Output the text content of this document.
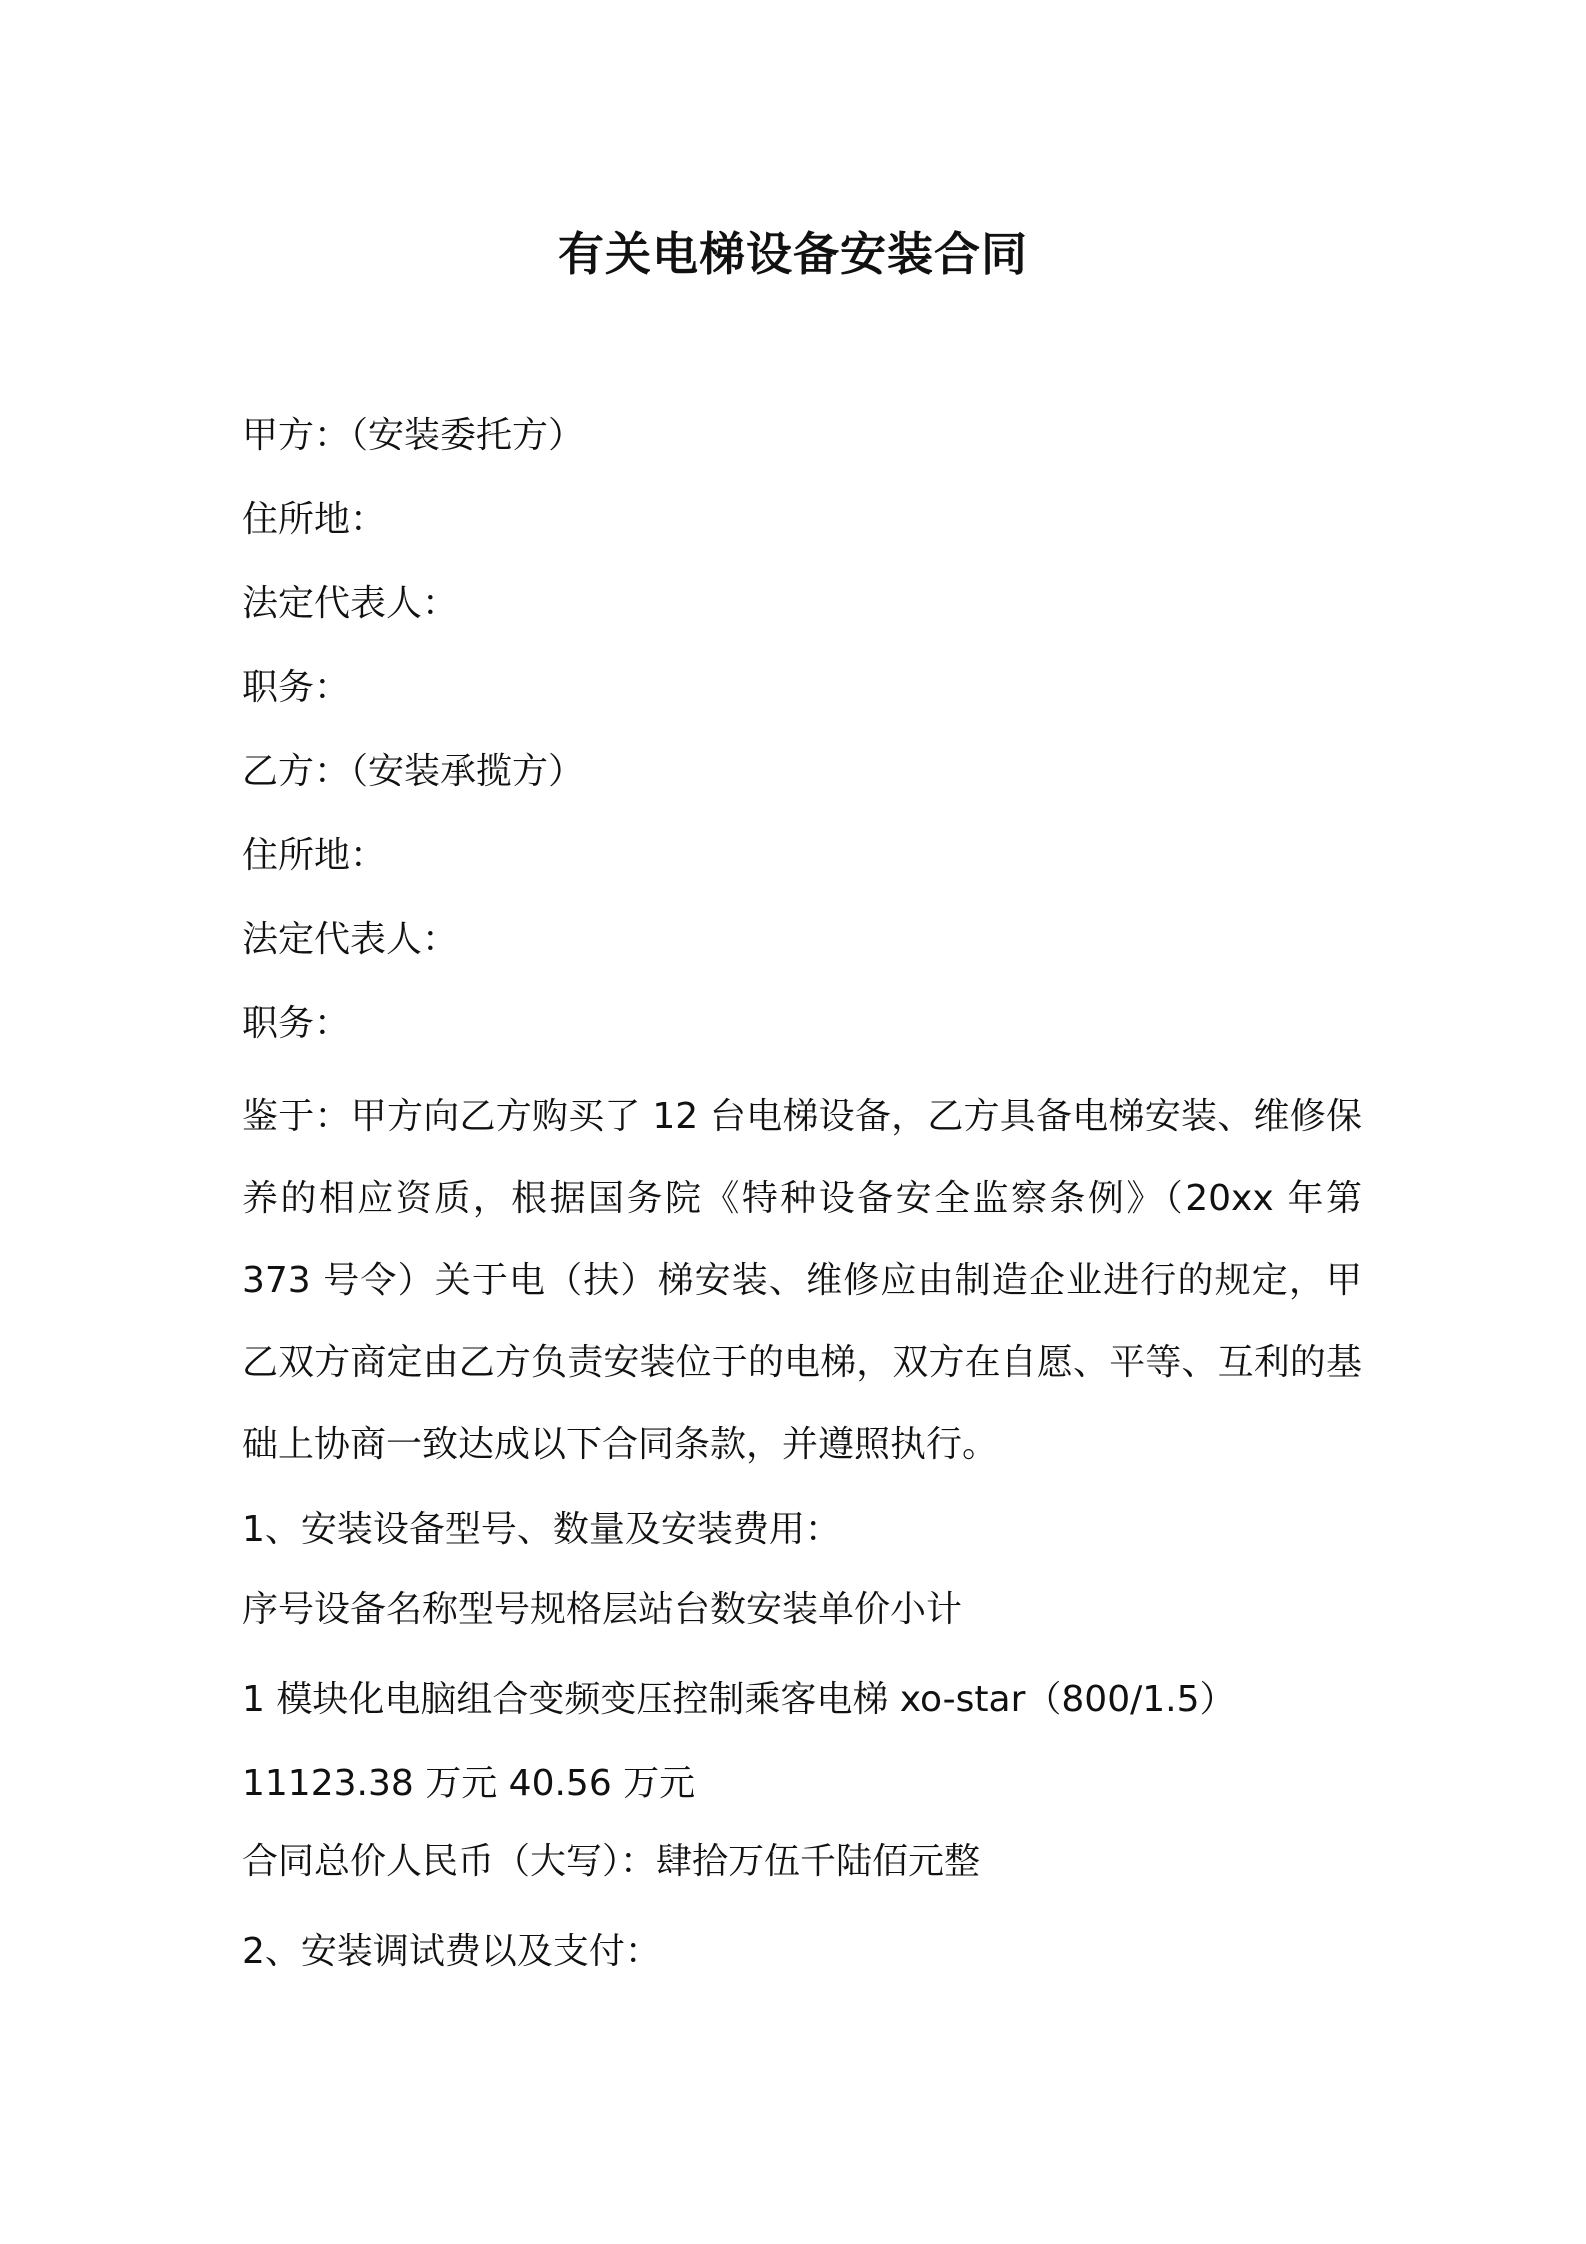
有关电梯设备安装合同
甲方：（安装委托方）
住所地：
法定代表人：
职务：
乙方：（安装承揽方）
住所地：
法定代表人：
职务：
鉴于：甲方向乙方购买了 12 台电梯设备，乙方具备电梯安装、维修保养的相应资质，根据国务院《特种设备安全监察条例》（20xx 年第 373 号令）关于电（扶）梯安装、维修应由制造企业进行的规定，甲乙双方商定由乙方负责安装位于的电梯，双方在自愿、平等、互利的基础上协商一致达成以下合同条款，并遵照执行。
1、安装设备型号、数量及安装费用：
序号设备名称型号规格层站台数安装单价小计
1 模块化电脑组合变频变压控制乘客电梯 xo-star（800/1.5）
11123.38 万元 40.56 万元
合同总价人民币（大写）：肆拾万伍千陆佰元整
2、安装调试费以及支付：
